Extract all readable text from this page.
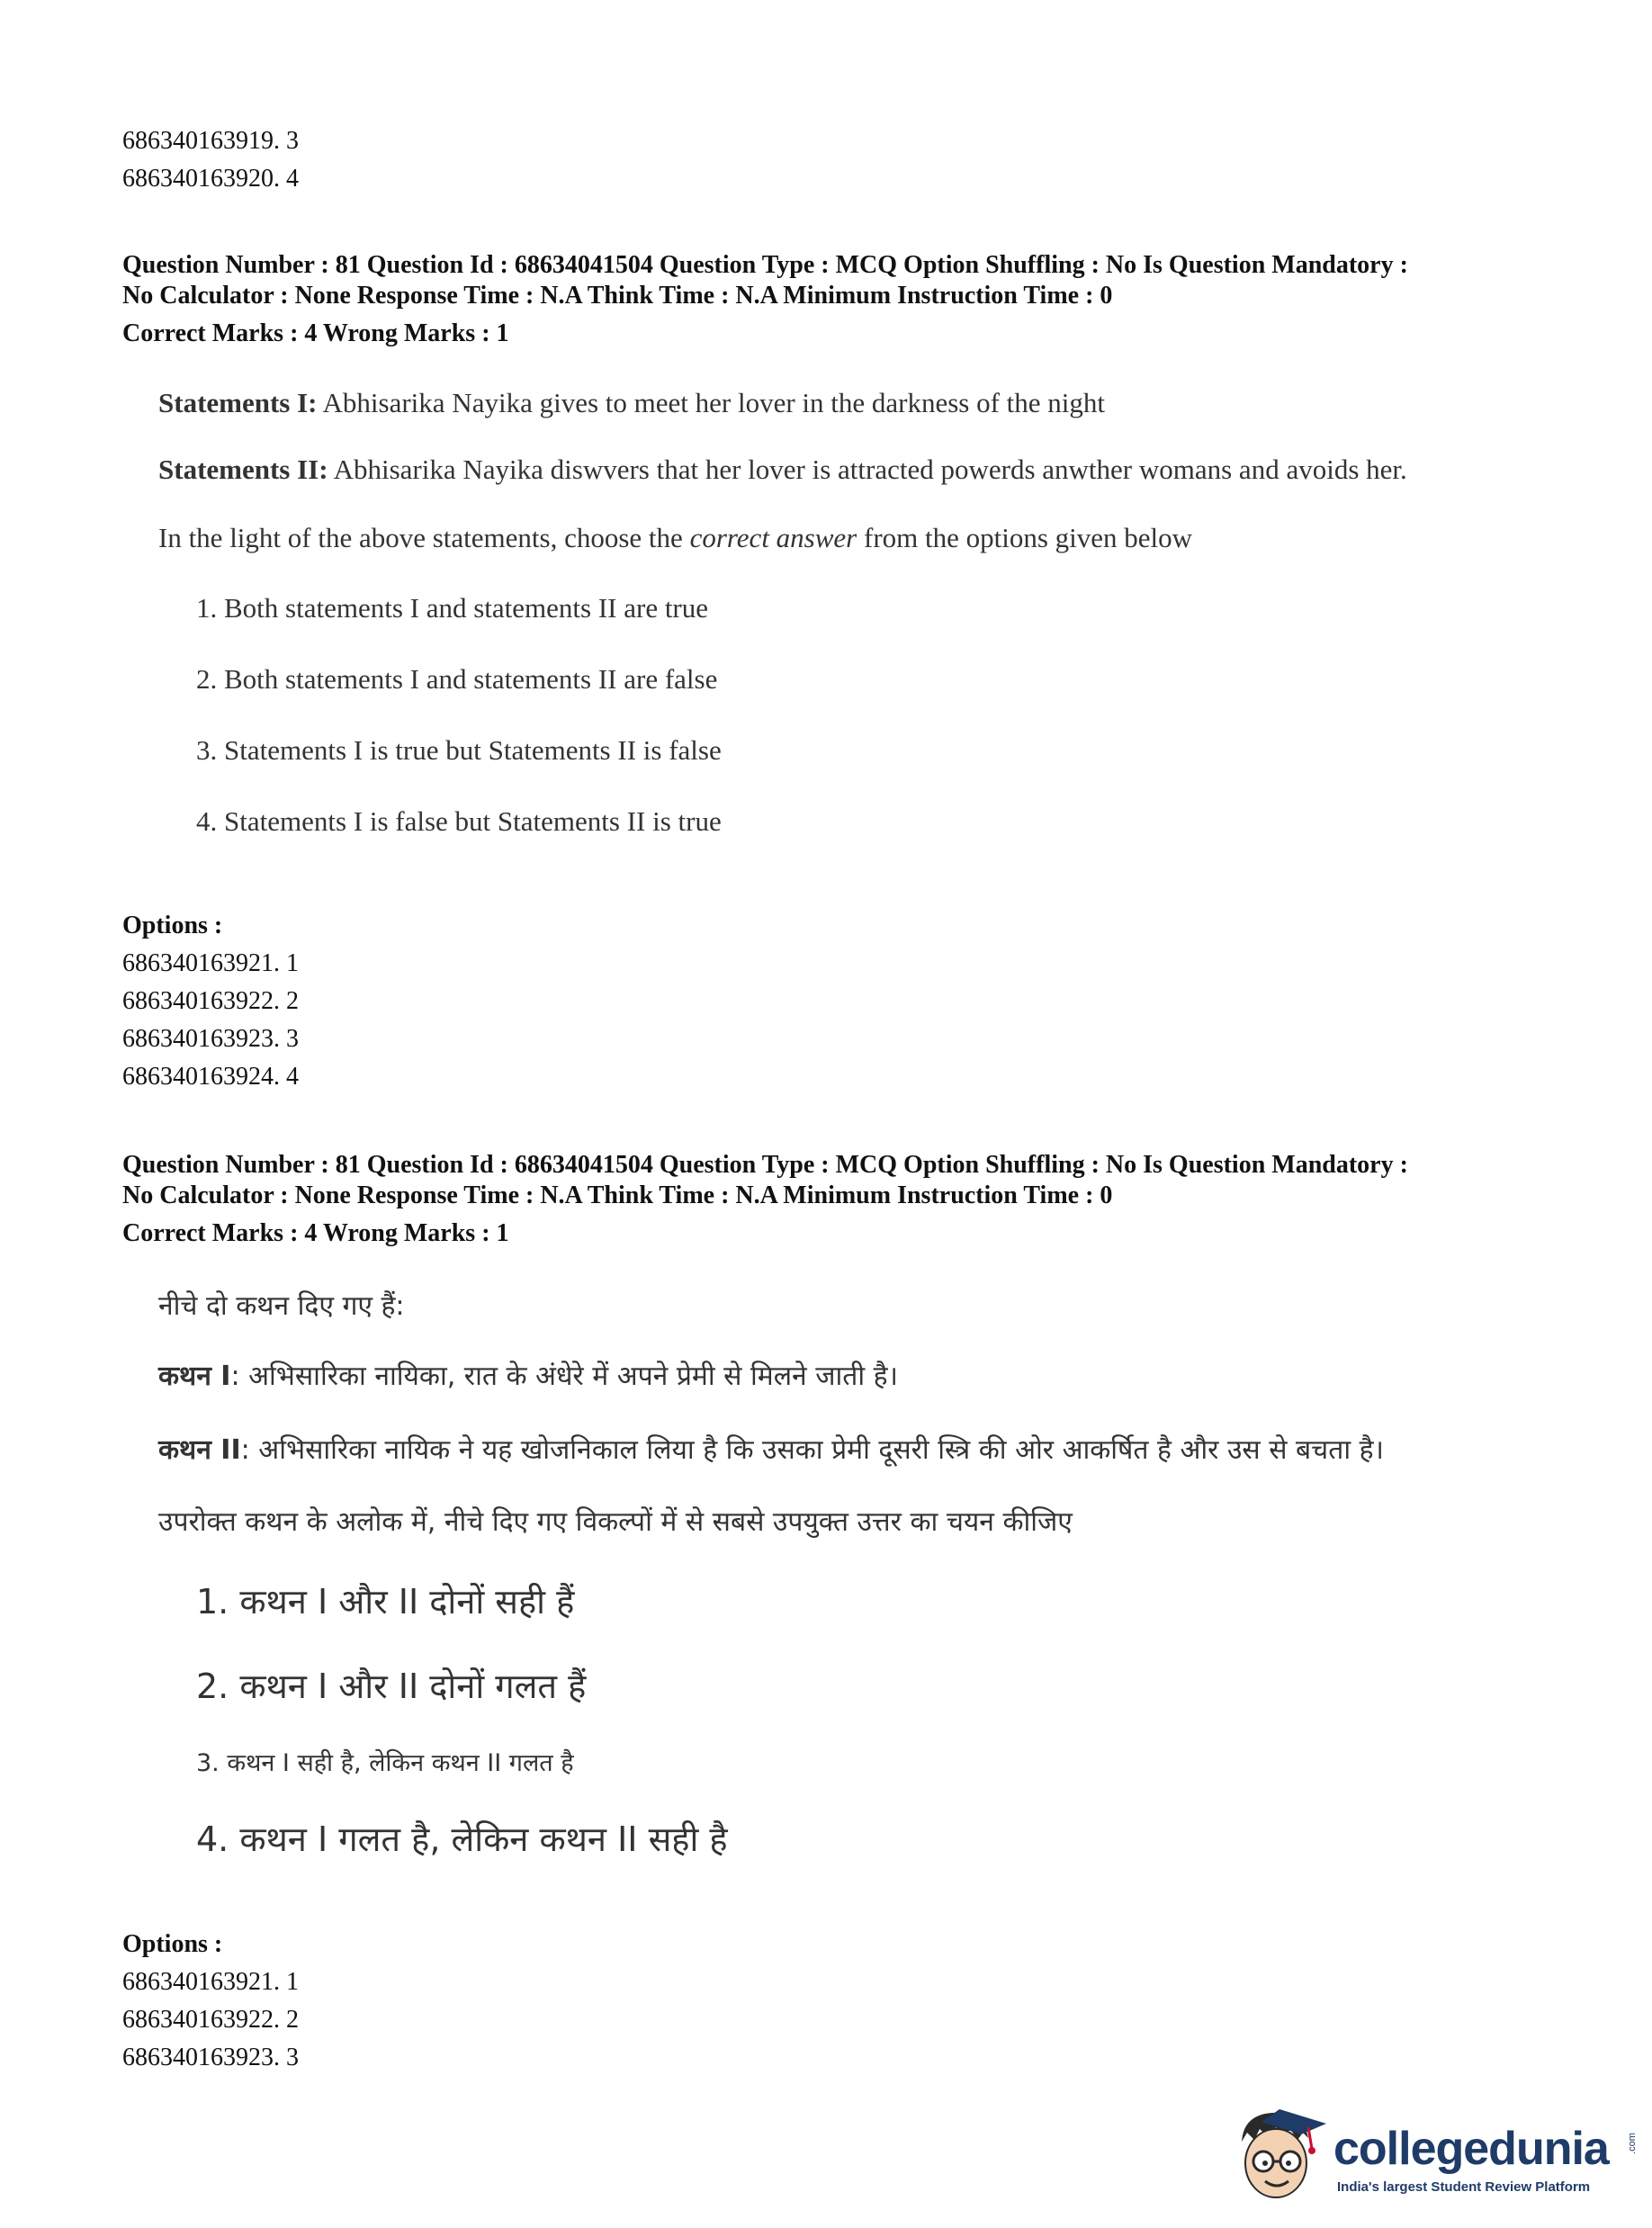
686340163919. 3
686340163920. 4
Question Number : 81 Question Id : 68634041504 Question Type : MCQ Option Shuffling : No Is Question Mandatory :
No Calculator : None Response Time : N.A Think Time : N.A Minimum Instruction Time : 0
Correct Marks : 4 Wrong Marks : 1

Statements I: Abhisarika Nayika gives to meet her lover in the darkness of the night

Statements II: Abhisarika Nayika diswvers that her lover is attracted powerds anwther womans and avoids her.

In the light of the above statements, choose the correct answer from the options given below

1. Both statements I and statements II are true

2. Both statements I and statements II are false

3. Statements I is true but Statements II is false

4. Statements I is false but Statements II is true

Options :
686340163921. 1
686340163922. 2
686340163923. 3
686340163924. 4
Question Number : 81 Question Id : 68634041504 Question Type : MCQ Option Shuffling : No Is Question Mandatory :
No Calculator : None Response Time : N.A Think Time : N.A Minimum Instruction Time : 0
Correct Marks : 4 Wrong Marks : 1

नीचे दो कथन दिए गए हैं:

कथन I: अभिसारिका नायिका, रात के अंधेरे में अपने प्रेमी से मिलने जाती है।

कथन II: अभिसारिका नायिक ने यह खोजनिकाल लिया है कि उसका प्रेमी दूसरी स्त्रि की ओर आकर्षित है और उस से बचता है।

उपरोक्त कथन के अलोक में, नीचे दिए गए विकल्पों में से सबसे उपयुक्त उत्तर का चयन कीजिए

1. कथन I और II दोनों सही हैं

2. कथन I और II दोनों गलत हैं

3. कथन I सही है, लेकिन कथन II गलत है

4. कथन I गलत है, लेकिन कथन II सही है

Options :
686340163921. 1
686340163922. 2
686340163923. 3
collegedunia .com
India's largest Student Review Platform
